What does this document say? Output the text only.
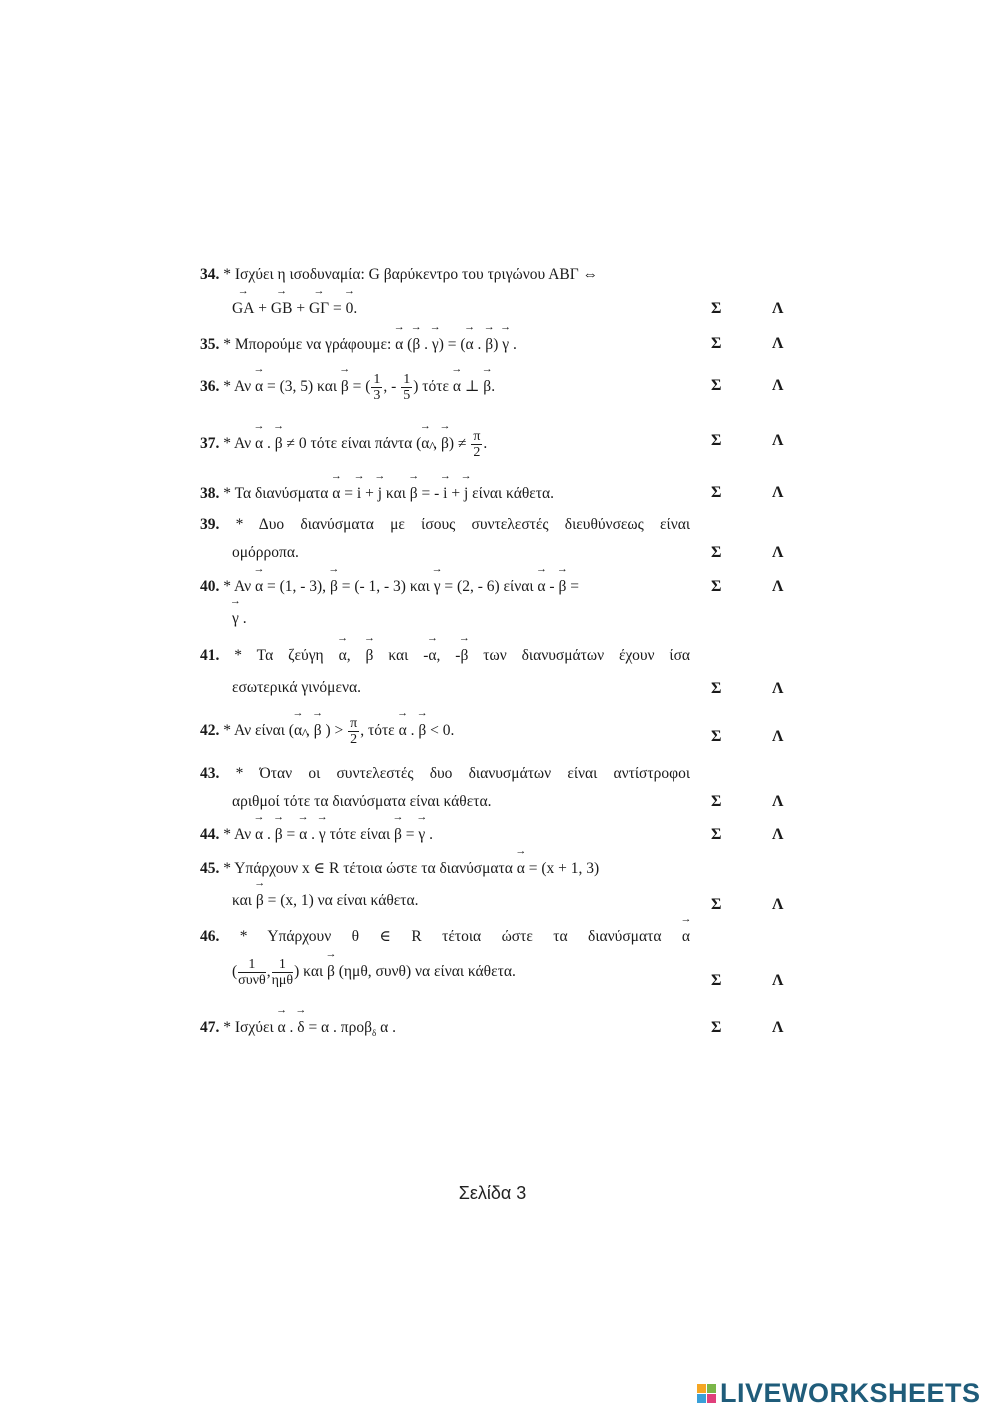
34. * Ισχύει η ισοδυναμία: G βαρύκεντρο του τριγώνου ΑΒΓ ⇔
→ GA + → GB + → GΓ = → 0.	Σ	Λ
35. * Μπορούμε να γράφουμε: → α (→ β . → γ) = (→ α . → β) → γ .	Σ	Λ
36. * Αν → α = (3, 5) και → β = ( $\frac{1}{3}$ , - $\frac{1}{5}$ ) τότε → α ⊥ → β.	Σ	Λ
37. * Αν → α . → β ≠ 0 τότε είναι πάντα (→ α , → $\beta) \ne \frac{\pi}{2}$ .	Σ	Λ
38. * Τα διανύσματα → α = → i + → j και → β = - → i + → j είναι κάθετα.	Σ	Λ
39. * Δυο διανύσματα με ίσους συντελεστές διευθύνσεως είναι
ομόρροπα.	Σ	Λ
40. * Αν → α = (1, - 3), → β = (- 1, - 3) και → γ = (2, - 6) είναι → α - → β =
→ γ .
Σ	Λ
41. * Τα ζεύγη → α, → β και -→ α, -→ β των διανυσμάτων έχουν ίσα
εσωτερικά γινόμενα.	Σ	Λ
42. * Αν είναι (→ α , → β ) > $\frac{\pi}{2}$ , τότε → α . → β < 0.	Σ	Λ
43. * Όταν οι συντελεστές δυο διανυσμάτων είναι αντίστροφοι
αριθμοί τότε τα διανύσματα είναι κάθετα.	Σ	Λ
44. * Αν → α . → β = → α . → γ τότε είναι → β = → γ .	Σ	Λ
45. * Υπάρχουν x ∈ R τέτοια ώστε τα διανύσματα → α = (x + 1, 3)
και → β = (x, 1) να είναι κάθετα.	Σ	Λ
46. * Υπάρχουν θ ∈ R τέτοια ώστε τα διανύσματα → α
( $\frac{1}{\text{συνθ}}$ , $\frac{1}{\text{ημθ}}$ ) και → β (ημθ, συνθ) να είναι κάθετα.
Σ	Λ
47. * Ισχύει → α . → δ = α . προβ$_\delta$ α .	Σ	Λ
Σελίδα 3
LIVEWORKSHEETS
